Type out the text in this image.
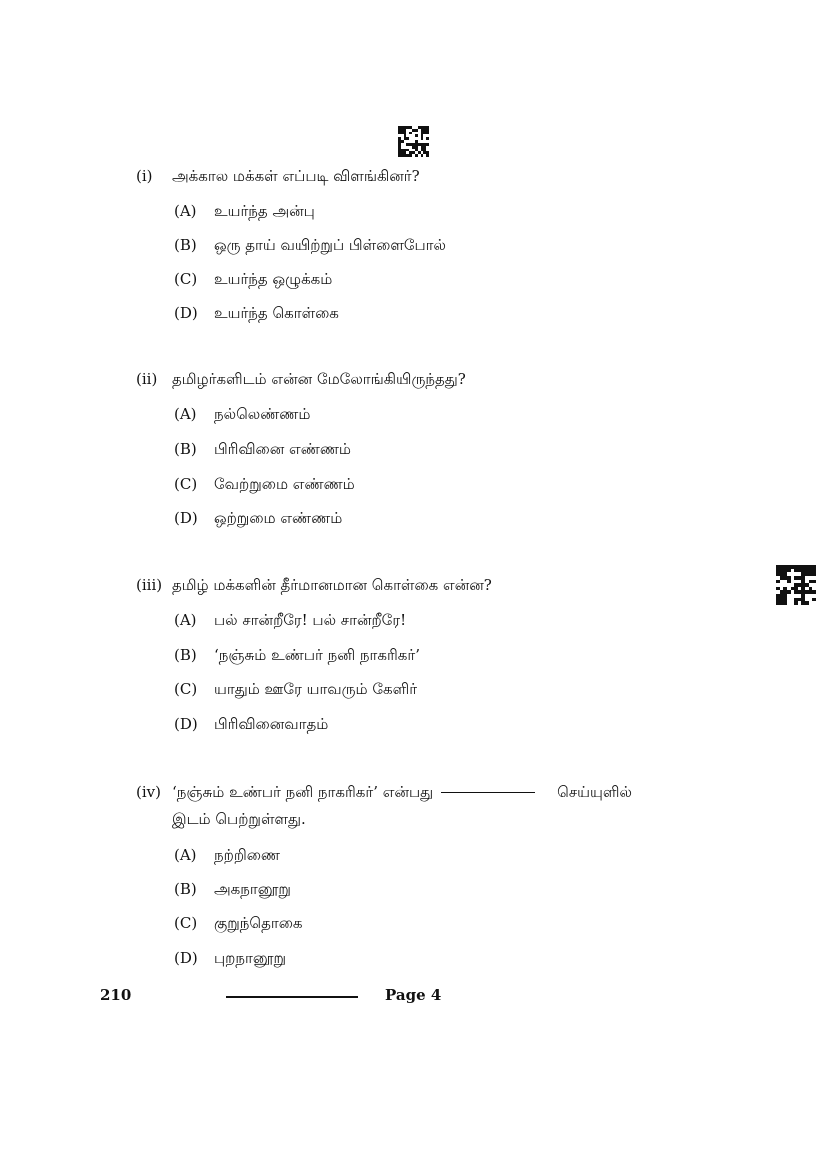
(i) அக்கால மக்கள் எப்படி விளங்கினர்?
(A) உயர்ந்த அன்பு
(B) ஒரு தாய் வயிற்றுப் பிள்ளைபோல்
(C) உயர்ந்த ஒழுக்கம்
(D) உயர்ந்த கொள்கை
(ii) தமிழர்களிடம் என்ன மேலோங்கியிருந்தது?
(A) நல்லெண்ணம்
(B) பிரிவினை எண்ணம்
(C) வேற்றுமை எண்ணம்
(D) ஒற்றுமை எண்ணம்
(iii) தமிழ் மக்களின் தீர்மானமான கொள்கை என்ன?
(A) பல் சான்றீரே! பல் சான்றீரே!
(B) ‘நஞ்சும் உண்பர் நனி நாகரிகர்’
(C) யாதும் ஊரே யாவரும் கேளிர்
(D) பிரிவினைவாதம்
(iv) ‘நஞ்சும் உண்பர் நனி நாகரிகர்’ என்பது	செய்யுளில்
இடம் பெற்றுள்ளது.
(A) நற்றிணை
(B) அகநானூறு
(C) குறுந்தொகை
(D) புறநானூறு
210	Page 4
